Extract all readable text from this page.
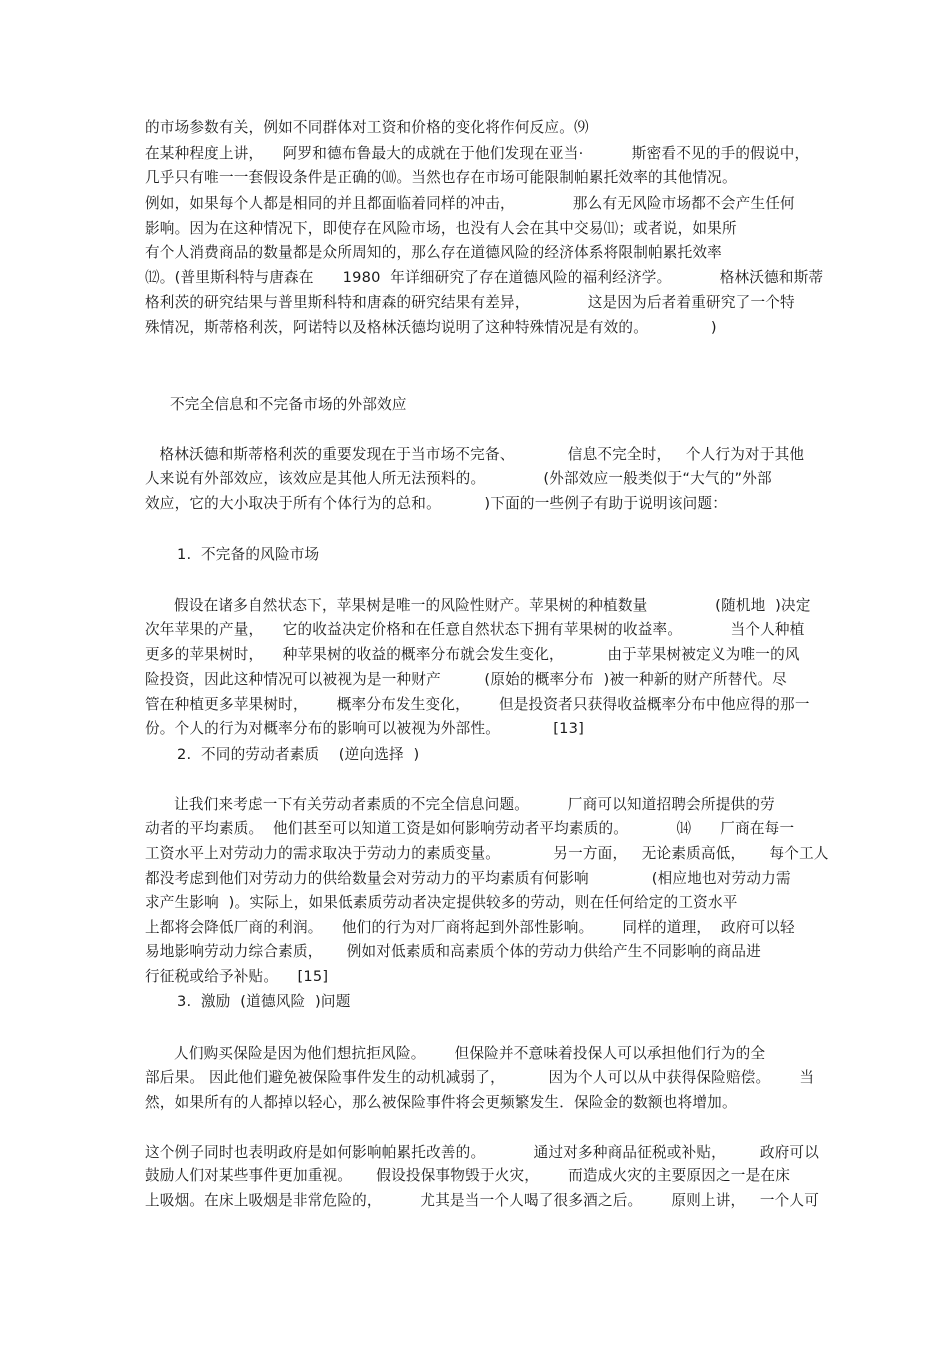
的市场参数有关，例如不同群体对工资和价格的变化将作何反应。⑼
在某种程度上讲，    阿罗和德布鲁最大的成就在于他们发现在亚当·          斯密看不见的手的假说中，
几乎只有唯一一套假设条件是正确的⑽。当然也存在市场可能限制帕累托效率的其他情况。
例如，如果每个人都是相同的并且都面临着同样的冲击，            那么有无风险市场都不会产生任何
影响。因为在这种情况下，即使存在风险市场，也没有人会在其中交易⑾；或者说，如果所
有个人消费商品的数量都是众所周知的，那么存在道德风险的经济体系将限制帕累托效率
⑿。(普里斯科特与唐森在      1980  年详细研究了存在道德风险的福利经济学。          格林沃德和斯蒂
格利茨的研究结果与普里斯科特和唐森的研究结果有差异，            这是因为后者着重研究了一个特
殊情况，斯蒂格利茨，阿诺特以及格林沃德均说明了这种特殊情况是有效的。             )
不完全信息和不完备市场的外部效应
格林沃德和斯蒂格利茨的重要发现在于当市场不完备、           信息不完全时，   个人行为对于其他
人来说有外部效应，该效应是其他人所无法预料的。            (外部效应一般类似于“大气的”外部
效应，它的大小取决于所有个体行为的总和。         )下面的一些例子有助于说明该问题：
1.  不完备的风险市场
假设在诸多自然状态下，苹果树是唯一的风险性财产。苹果树的种植数量              (随机地  )决定
次年苹果的产量，    它的收益决定价格和在任意自然状态下拥有苹果树的收益率。          当个人种植
更多的苹果树时，    种苹果树的收益的概率分布就会发生变化，         由于苹果树被定义为唯一的风
险投资，因此这种情况可以被视为是一种财产         (原始的概率分布  )被一种新的财产所替代。尽
管在种植更多苹果树时，      概率分布发生变化，      但是投资者只获得收益概率分布中他应得的那一
份。个人的行为对概率分布的影响可以被视为外部性。           [13]
2.  不同的劳动者素质    (逆向选择  )
让我们来考虑一下有关劳动者素质的不完全信息问题。        厂商可以知道招聘会所提供的劳
动者的平均素质。  他们甚至可以知道工资是如何影响劳动者平均素质的。          ⒁      厂商在每一
工资水平上对劳动力的需求取决于劳动力的素质变量。           另一方面，   无论素质高低，     每个工人
都没考虑到他们对劳动力的供给数量会对劳动力的平均素质有何影响             (相应地也对劳动力需
求产生影响  )。实际上，如果低素质劳动者决定提供较多的劳动，则在任何给定的工资水平
上都将会降低厂商的利润。    他们的行为对厂商将起到外部性影响。      同样的道理，  政府可以轻
易地影响劳动力综合素质，     例如对低素质和高素质个体的劳动力供给产生不同影响的商品进
行征税或给予补贴。    [15]
3.  激励  (道德风险  )问题
人们购买保险是因为他们想抗拒风险。      但保险并不意味着投保人可以承担他们行为的全
部后果。 因此他们避免被保险事件发生的动机减弱了，         因为个人可以从中获得保险赔偿。      当
然，如果所有的人都掉以轻心，那么被保险事件将会更频繁发生．保险金的数额也将增加。
这个例子同时也表明政府是如何影响帕累托改善的。          通过对多种商品征税或补贴，       政府可以
鼓励人们对某些事件更加重视。     假设投保事物毁于火灾，      而造成火灾的主要原因之一是在床
上吸烟。在床上吸烟是非常危险的，        尤其是当一个人喝了很多酒之后。      原则上讲，   一个人可
